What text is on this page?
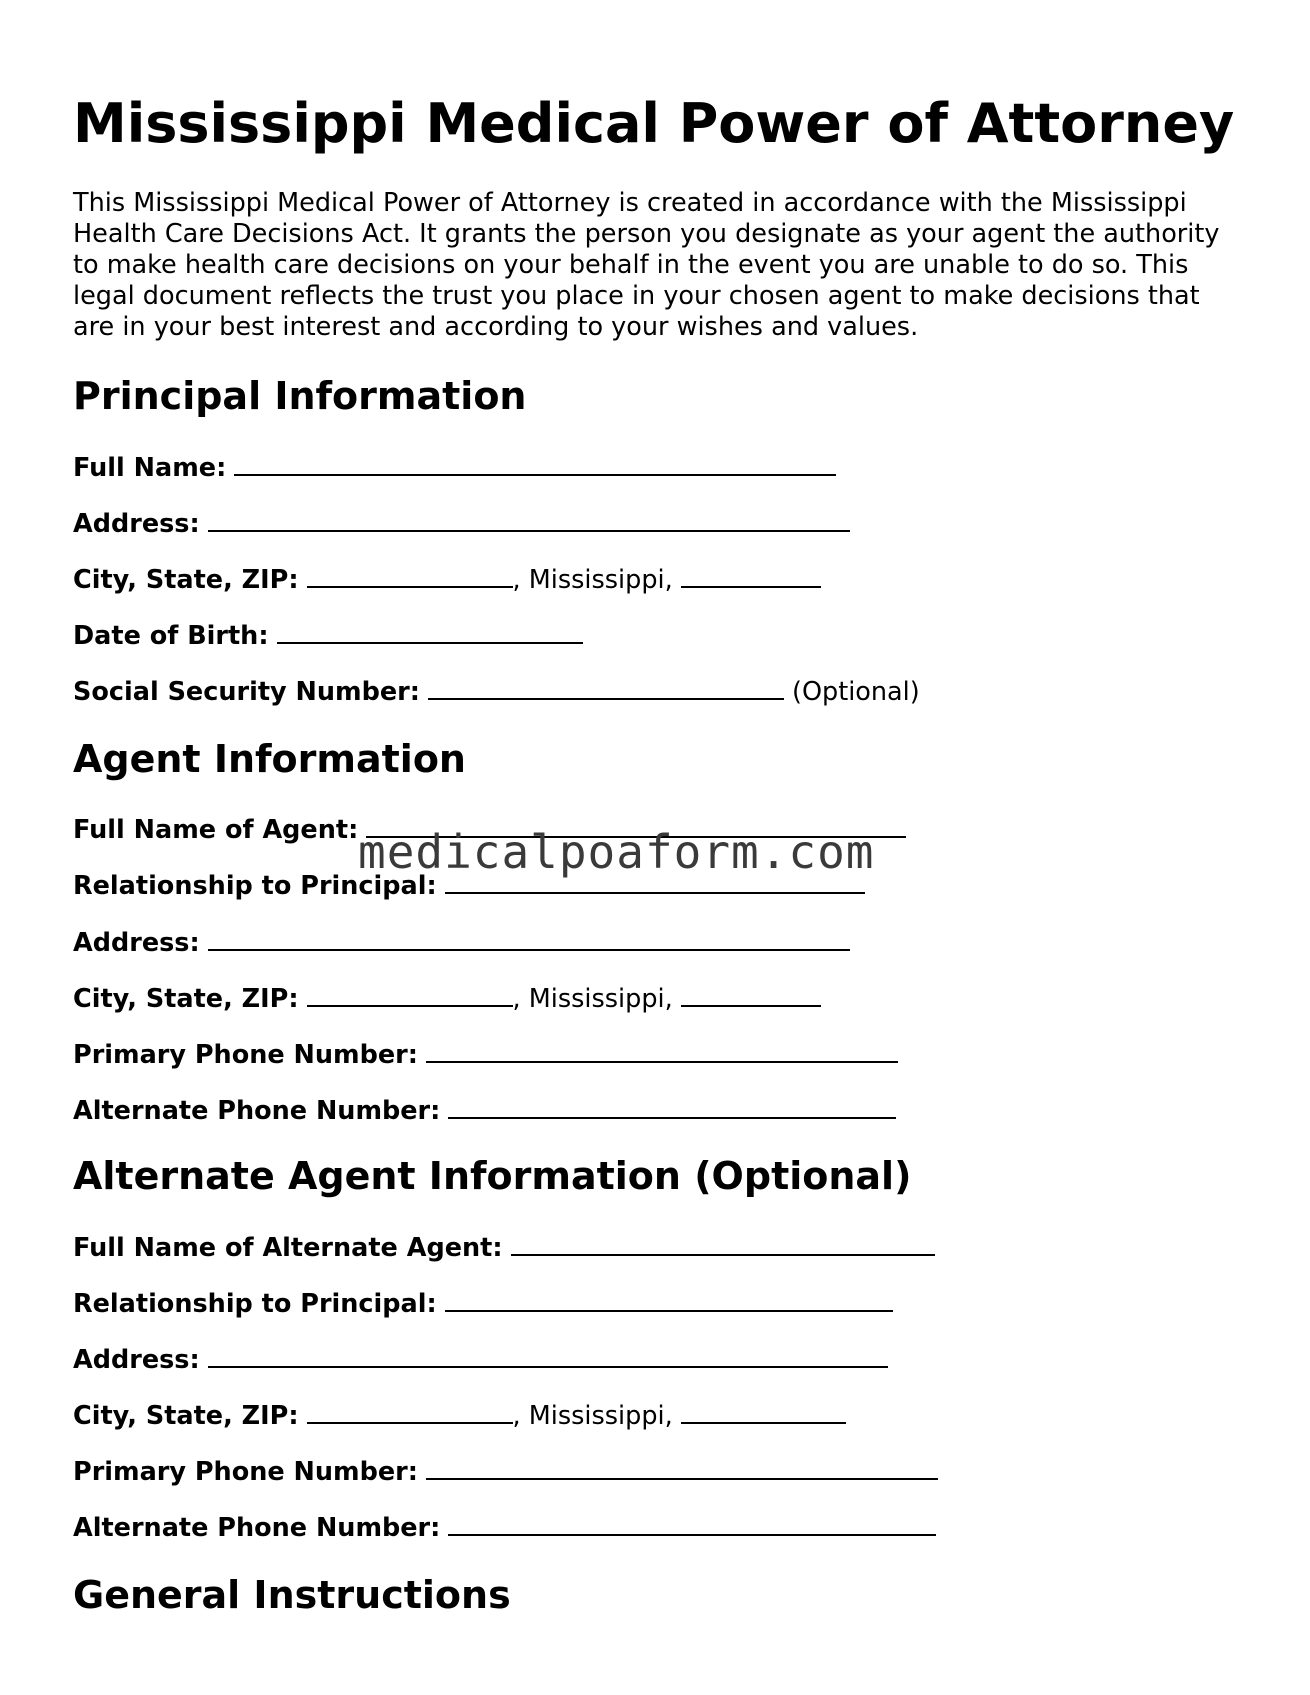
Mississippi Medical Power of Attorney

This Mississippi Medical Power of Attorney is created in accordance with the Mississippi Health Care Decisions Act. It grants the person you designate as your agent the authority to make health care decisions on your behalf in the event you are unable to do so. This legal document reflects the trust you place in your chosen agent to make decisions that are in your best interest and according to your wishes and values.

Principal Information
Full Name:
Address:
City, State, ZIP:	, Mississippi,
Date of Birth:
Social Security Number:	(Optional)
Agent Information
Full Name of Agent:
Relationship to Principal:
Address:
City, State, ZIP:	, Mississippi,
Primary Phone Number:
Alternate Phone Number:
Alternate Agent Information (Optional)
Full Name of Alternate Agent:
Relationship to Principal:
Address:
City, State, ZIP:	, Mississippi,
Primary Phone Number:
Alternate Phone Number:
General Instructions
medicalpoaform.com
